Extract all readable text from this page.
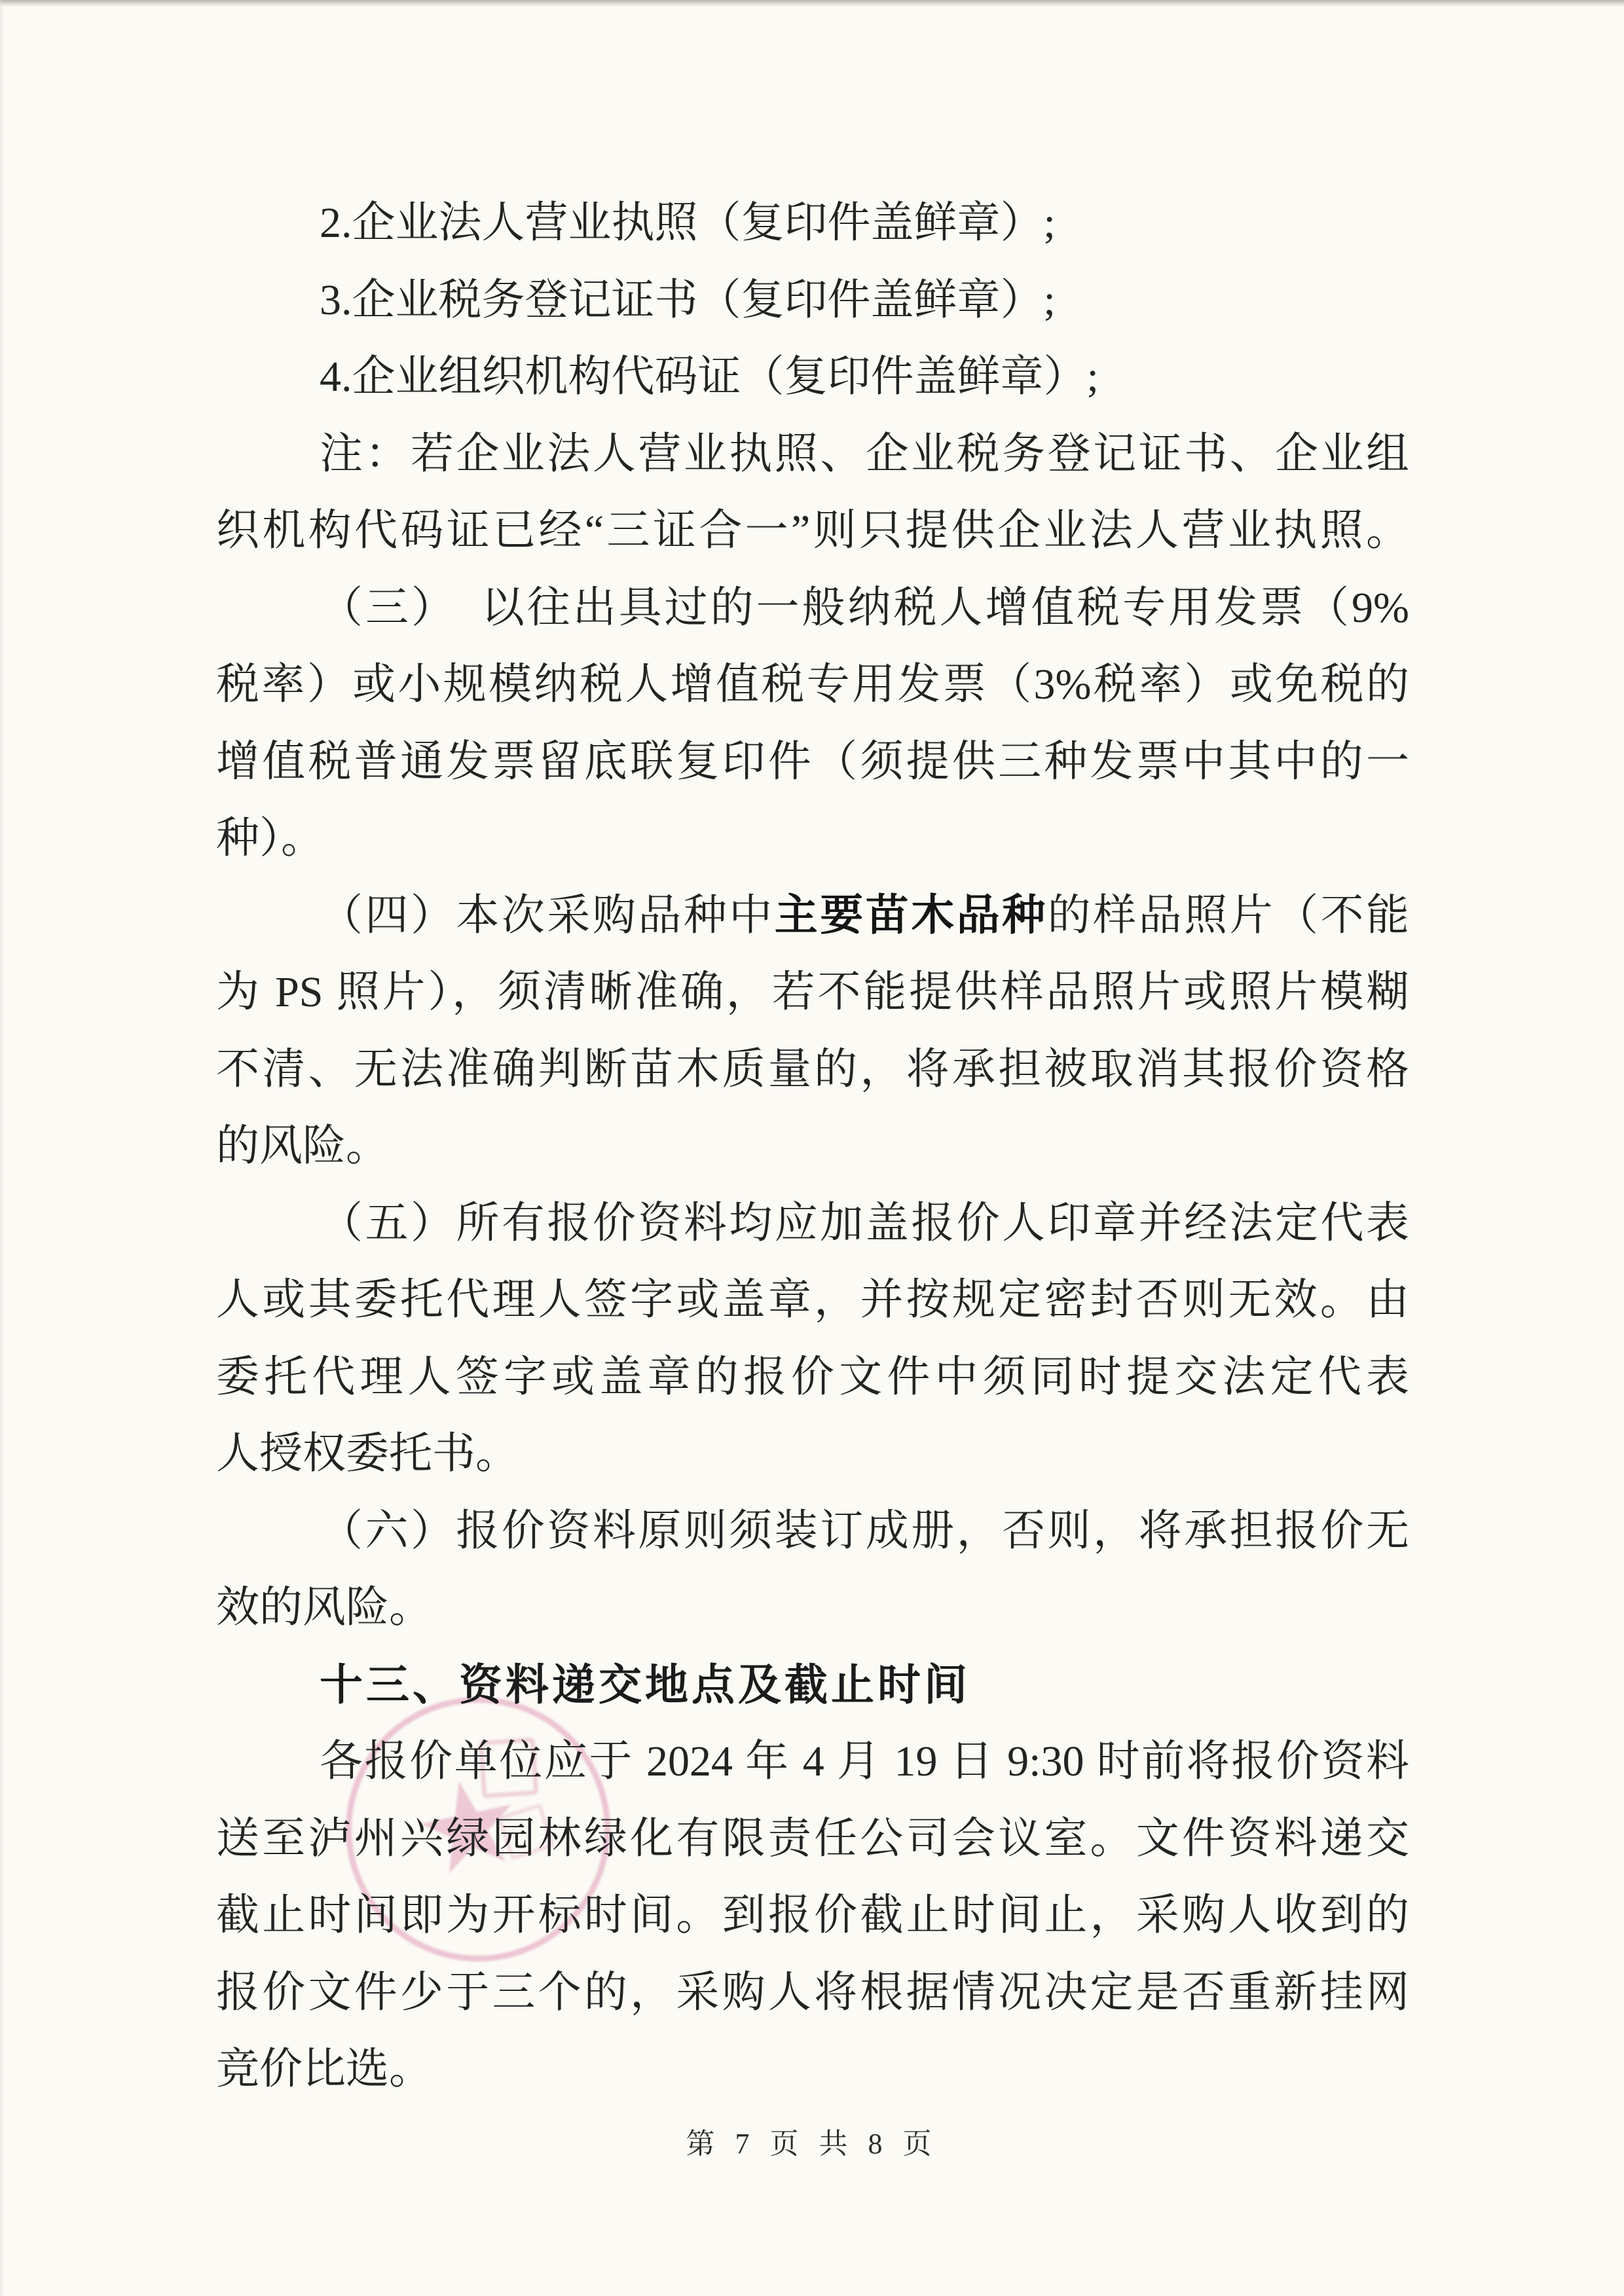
★
2.企业法人营业执照（复印件盖鲜章）;
3.企业税务登记证书（复印件盖鲜章）;
4.企业组织机构代码证（复印件盖鲜章）;
注：若企业法人营业执照、企业税务登记证书、企业组
织机构代码证已经“三证合一”则只提供企业法人营业执照。
（三）　以往出具过的一般纳税人增值税专用发票（9%
税率）或小规模纳税人增值税专用发票（3%税率）或免税的
增值税普通发票留底联复印件（须提供三种发票中其中的一
种）。
（四）本次采购品种中主要苗木品种的样品照片（不能
为 PS 照片），须清晰准确，若不能提供样品照片或照片模糊
不清、无法准确判断苗木质量的，将承担被取消其报价资格
的风险。
（五）所有报价资料均应加盖报价人印章并经法定代表
人或其委托代理人签字或盖章，并按规定密封否则无效。由
委托代理人签字或盖章的报价文件中须同时提交法定代表
人授权委托书。
（六）报价资料原则须装订成册，否则，将承担报价无
效的风险。
十三、资料递交地点及截止时间
各报价单位应于 2024 年 4 月 19 日 9:30 时前将报价资料
送至泸州兴绿园林绿化有限责任公司会议室。文件资料递交
截止时间即为开标时间。到报价截止时间止，采购人收到的
报价文件少于三个的，采购人将根据情况决定是否重新挂网
竞价比选。
第 7 页 共 8 页
